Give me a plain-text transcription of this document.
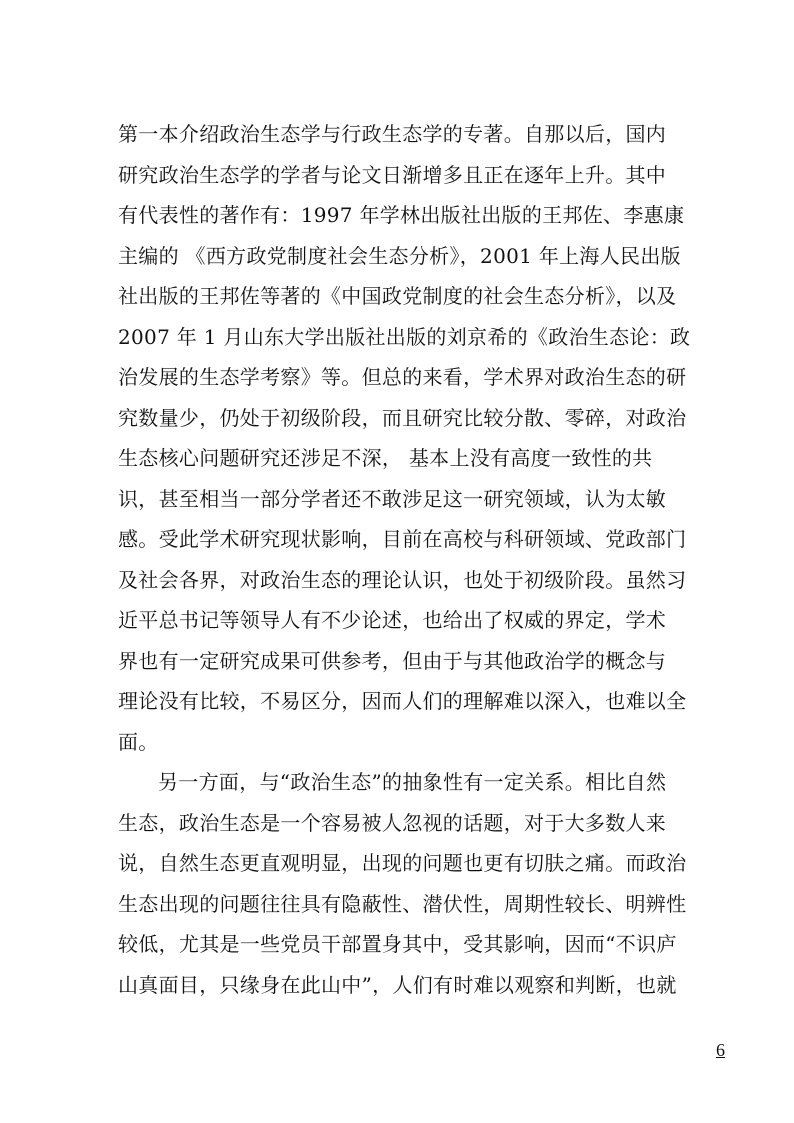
第一本介绍政治生态学与行政生态学的专著。自那以后，国内
研究政治生态学的学者与论文日渐增多且正在逐年上升。其中
有代表性的著作有：1997 年学林出版社出版的王邦佐、李惠康
主编的 《西方政党制度社会生态分析》，2001 年上海人民出版
社出版的王邦佐等著的《中国政党制度的社会生态分析》，以及
2007 年 1 月山东大学出版社出版的刘京希的《政治生态论：政
治发展的生态学考察》等。但总的来看，学术界对政治生态的研
究数量少，仍处于初级阶段，而且研究比较分散、零碎，对政治
生态核心问题研究还涉足不深， 基本上没有高度一致性的共
识，甚至相当一部分学者还不敢涉足这一研究领域，认为太敏
感。受此学术研究现状影响，目前在高校与科研领域、党政部门
及社会各界，对政治生态的理论认识，也处于初级阶段。虽然习
近平总书记等领导人有不少论述，也给出了权威的界定，学术
界也有一定研究成果可供参考，但由于与其他政治学的概念与
理论没有比较，不易区分，因而人们的理解难以深入，也难以全
面。
另一方面，与“政治生态”的抽象性有一定关系。相比自然
生态，政治生态是一个容易被人忽视的话题，对于大多数人来
说，自然生态更直观明显，出现的问题也更有切肤之痛。而政治
生态出现的问题往往具有隐蔽性、潜伏性，周期性较长、明辨性
较低，尤其是一些党员干部置身其中，受其影响，因而“不识庐
山真面目，只缘身在此山中”，人们有时难以观察和判断，也就
6
